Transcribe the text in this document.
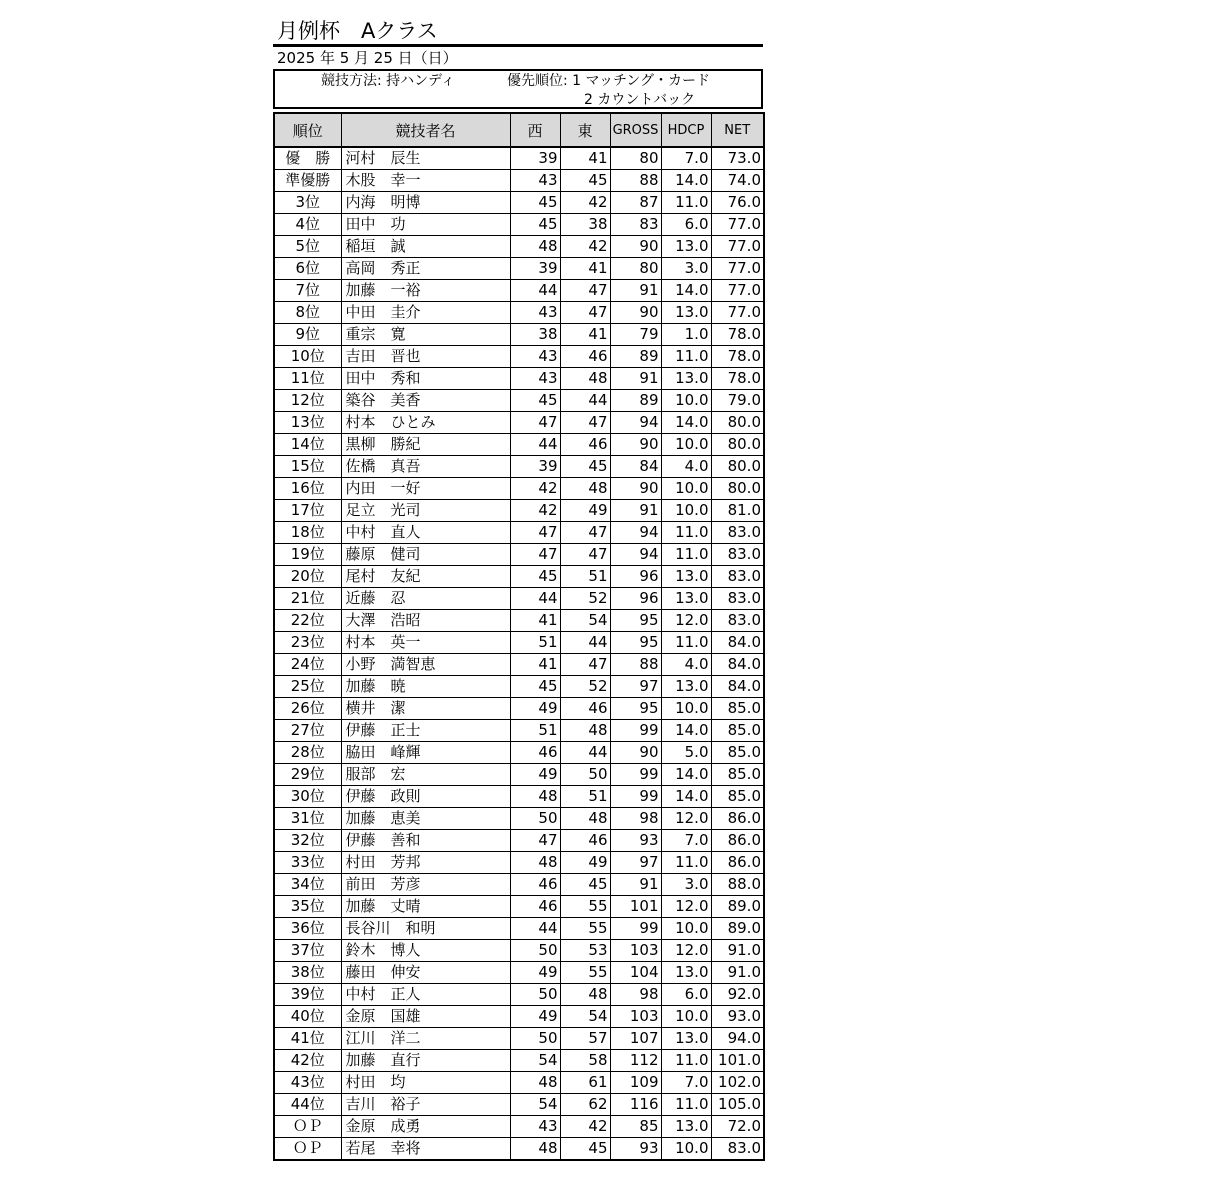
月例杯　Aクラス
2025 年 5 月 25 日（日）
競技方法: 持ハンディ	優先順位: 1 マッチング・カード
2 カウントバック
順位	競技者名	西	東	GROSS	HDCP	NET
優　勝	河村　辰生	39	41	80	7.0	73.0
準優勝	木股　幸一	43	45	88	14.0	74.0
3位	内海　明博	45	42	87	11.0	76.0
4位	田中　功	45	38	83	6.0	77.0
5位	稲垣　誠	48	42	90	13.0	77.0
6位	高岡　秀正	39	41	80	3.0	77.0
7位	加藤　一裕	44	47	91	14.0	77.0
8位	中田　圭介	43	47	90	13.0	77.0
9位	重宗　寛	38	41	79	1.0	78.0
10位	吉田　晋也	43	46	89	11.0	78.0
11位	田中　秀和	43	48	91	13.0	78.0
12位	築谷　美香	45	44	89	10.0	79.0
13位	村本　ひとみ	47	47	94	14.0	80.0
14位	黒柳　勝紀	44	46	90	10.0	80.0
15位	佐橋　真吾	39	45	84	4.0	80.0
16位	内田　一好	42	48	90	10.0	80.0
17位	足立　光司	42	49	91	10.0	81.0
18位	中村　直人	47	47	94	11.0	83.0
19位	藤原　健司	47	47	94	11.0	83.0
20位	尾村　友紀	45	51	96	13.0	83.0
21位	近藤　忍	44	52	96	13.0	83.0
22位	大澤　浩昭	41	54	95	12.0	83.0
23位	村本　英一	51	44	95	11.0	84.0
24位	小野　満智恵	41	47	88	4.0	84.0
25位	加藤　暁	45	52	97	13.0	84.0
26位	横井　潔	49	46	95	10.0	85.0
27位	伊藤　正士	51	48	99	14.0	85.0
28位	脇田　峰輝	46	44	90	5.0	85.0
29位	服部　宏	49	50	99	14.0	85.0
30位	伊藤　政則	48	51	99	14.0	85.0
31位	加藤　恵美	50	48	98	12.0	86.0
32位	伊藤　善和	47	46	93	7.0	86.0
33位	村田　芳邦	48	49	97	11.0	86.0
34位	前田　芳彦	46	45	91	3.0	88.0
35位	加藤　丈晴	46	55	101	12.0	89.0
36位	長谷川　和明	44	55	99	10.0	89.0
37位	鈴木　博人	50	53	103	12.0	91.0
38位	藤田　伸安	49	55	104	13.0	91.0
39位	中村　正人	50	48	98	6.0	92.0
40位	金原　国雄	49	54	103	10.0	93.0
41位	江川　洋二	50	57	107	13.0	94.0
42位	加藤　直行	54	58	112	11.0	101.0
43位	村田　均	48	61	109	7.0	102.0
44位	吉川　裕子	54	62	116	11.0	105.0
ＯＰ	金原　成勇	43	42	85	13.0	72.0
ＯＰ	若尾　幸将	48	45	93	10.0	83.0
